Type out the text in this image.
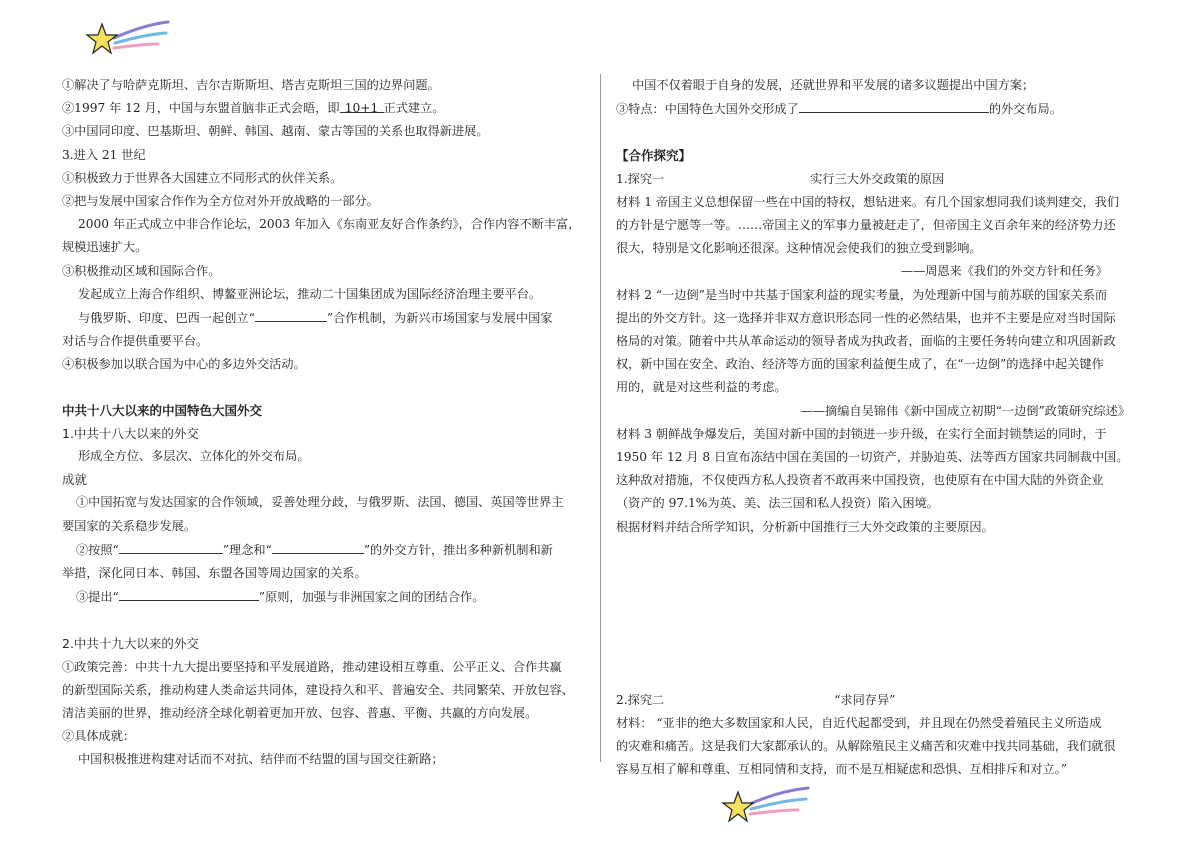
①解决了与哈萨克斯坦、吉尔吉斯斯坦、塔吉克斯坦三国的边界问题。

②1997 年 12 月，中国与东盟首脑非正式会晤，即 10+1 正式建立。

③中国同印度、巴基斯坦、朝鲜、韩国、越南、蒙古等国的关系也取得新进展。

3.进入 21 世纪

①积极致力于世界各大国建立不同形式的伙伴关系。

②把与发展中国家合作作为全方位对外开放战略的一部分。

2000 年正式成立中非合作论坛，2003 年加入《东南亚友好合作条约》，合作内容不断丰富，

规模迅速扩大。

③积极推动区域和国际合作。

发起成立上海合作组织、博鳌亚洲论坛，推动二十国集团成为国际经济治理主要平台。

与俄罗斯、印度、巴西一起创立“	”合作机制，为新兴市场国家与发展中国家

对话与合作提供重要平台。

④积极参加以联合国为中心的多边外交活动。

中共十八大以来的中国特色大国外交

1.中共十八大以来的外交

形成全方位、多层次、立体化的外交布局。

成就

①中国拓宽与发达国家的合作领域，妥善处理分歧，与俄罗斯、法国、德国、英国等世界主

要国家的关系稳步发展。

②按照“	”理念和“	”的外交方针，推出多种新机制和新

举措，深化同日本、韩国、东盟各国等周边国家的关系。

③提出“	”原则，加强与非洲国家之间的团结合作。

2.中共十九大以来的外交

①政策完善：中共十九大提出要坚持和平发展道路，推动建设相互尊重、公平正义、合作共赢

的新型国际关系，推动构建人类命运共同体，建设持久和平、普遍安全、共同繁荣、开放包容、

清洁美丽的世界，推动经济全球化朝着更加开放、包容、普惠、平衡、共赢的方向发展。

②具体成就：

中国积极推进构建对话而不对抗、结伴而不结盟的国与国交往新路；

中国不仅着眼于自身的发展，还就世界和平发展的诸多议题提出中国方案；

③特点：中国特色大国外交形成了	的外交布局。

【合作探究】

1.探究一	实行三大外交政策的原因

材料 1 帝国主义总想保留一些在中国的特权，想钻进来。有几个国家想同我们谈判建交，我们

的方针是宁愿等一等。……帝国主义的军事力量被赶走了，但帝国主义百余年来的经济势力还

很大，特别是文化影响还很深。这种情况会使我们的独立受到影响。

——周恩来《我们的外交方针和任务》

材料 2 “一边倒”是当时中共基于国家利益的现实考量，为处理新中国与前苏联的国家关系而

提出的外交方针。这一选择并非双方意识形态同一性的必然结果，也并不主要是应对当时国际

格局的对策。随着中共从革命运动的领导者成为执政者，面临的主要任务转向建立和巩固新政

权，新中国在安全、政治、经济等方面的国家利益便生成了，在“一边倒”的选择中起关键作

用的，就是对这些利益的考虑。

——摘编自吴锦伟《新中国成立初期“一边倒”政策研究综述》

材料 3 朝鲜战争爆发后，美国对新中国的封锁进一步升级，在实行全面封锁禁运的同时，于

1950 年 12 月 8 日宣布冻结中国在美国的一切资产，并胁迫英、法等西方国家共同制裁中国。

这种敌对措施，不仅使西方私人投资者不敢再来中国投资，也使原有在中国大陆的外资企业

（资产的 97.1%为英、美、法三国和私人投资）陷入困境。

根据材料并结合所学知识，分析新中国推行三大外交政策的主要原因。

2.探究二	“求同存异”

材料： “亚非的绝大多数国家和人民，自近代起都受到，并且现在仍然受着殖民主义所造成

的灾难和痛苦。这是我们大家都承认的。从解除殖民主义痛苦和灾难中找共同基础，我们就很

容易互相了解和尊重、互相同情和支持，而不是互相疑虑和恐惧、互相排斥和对立。”
